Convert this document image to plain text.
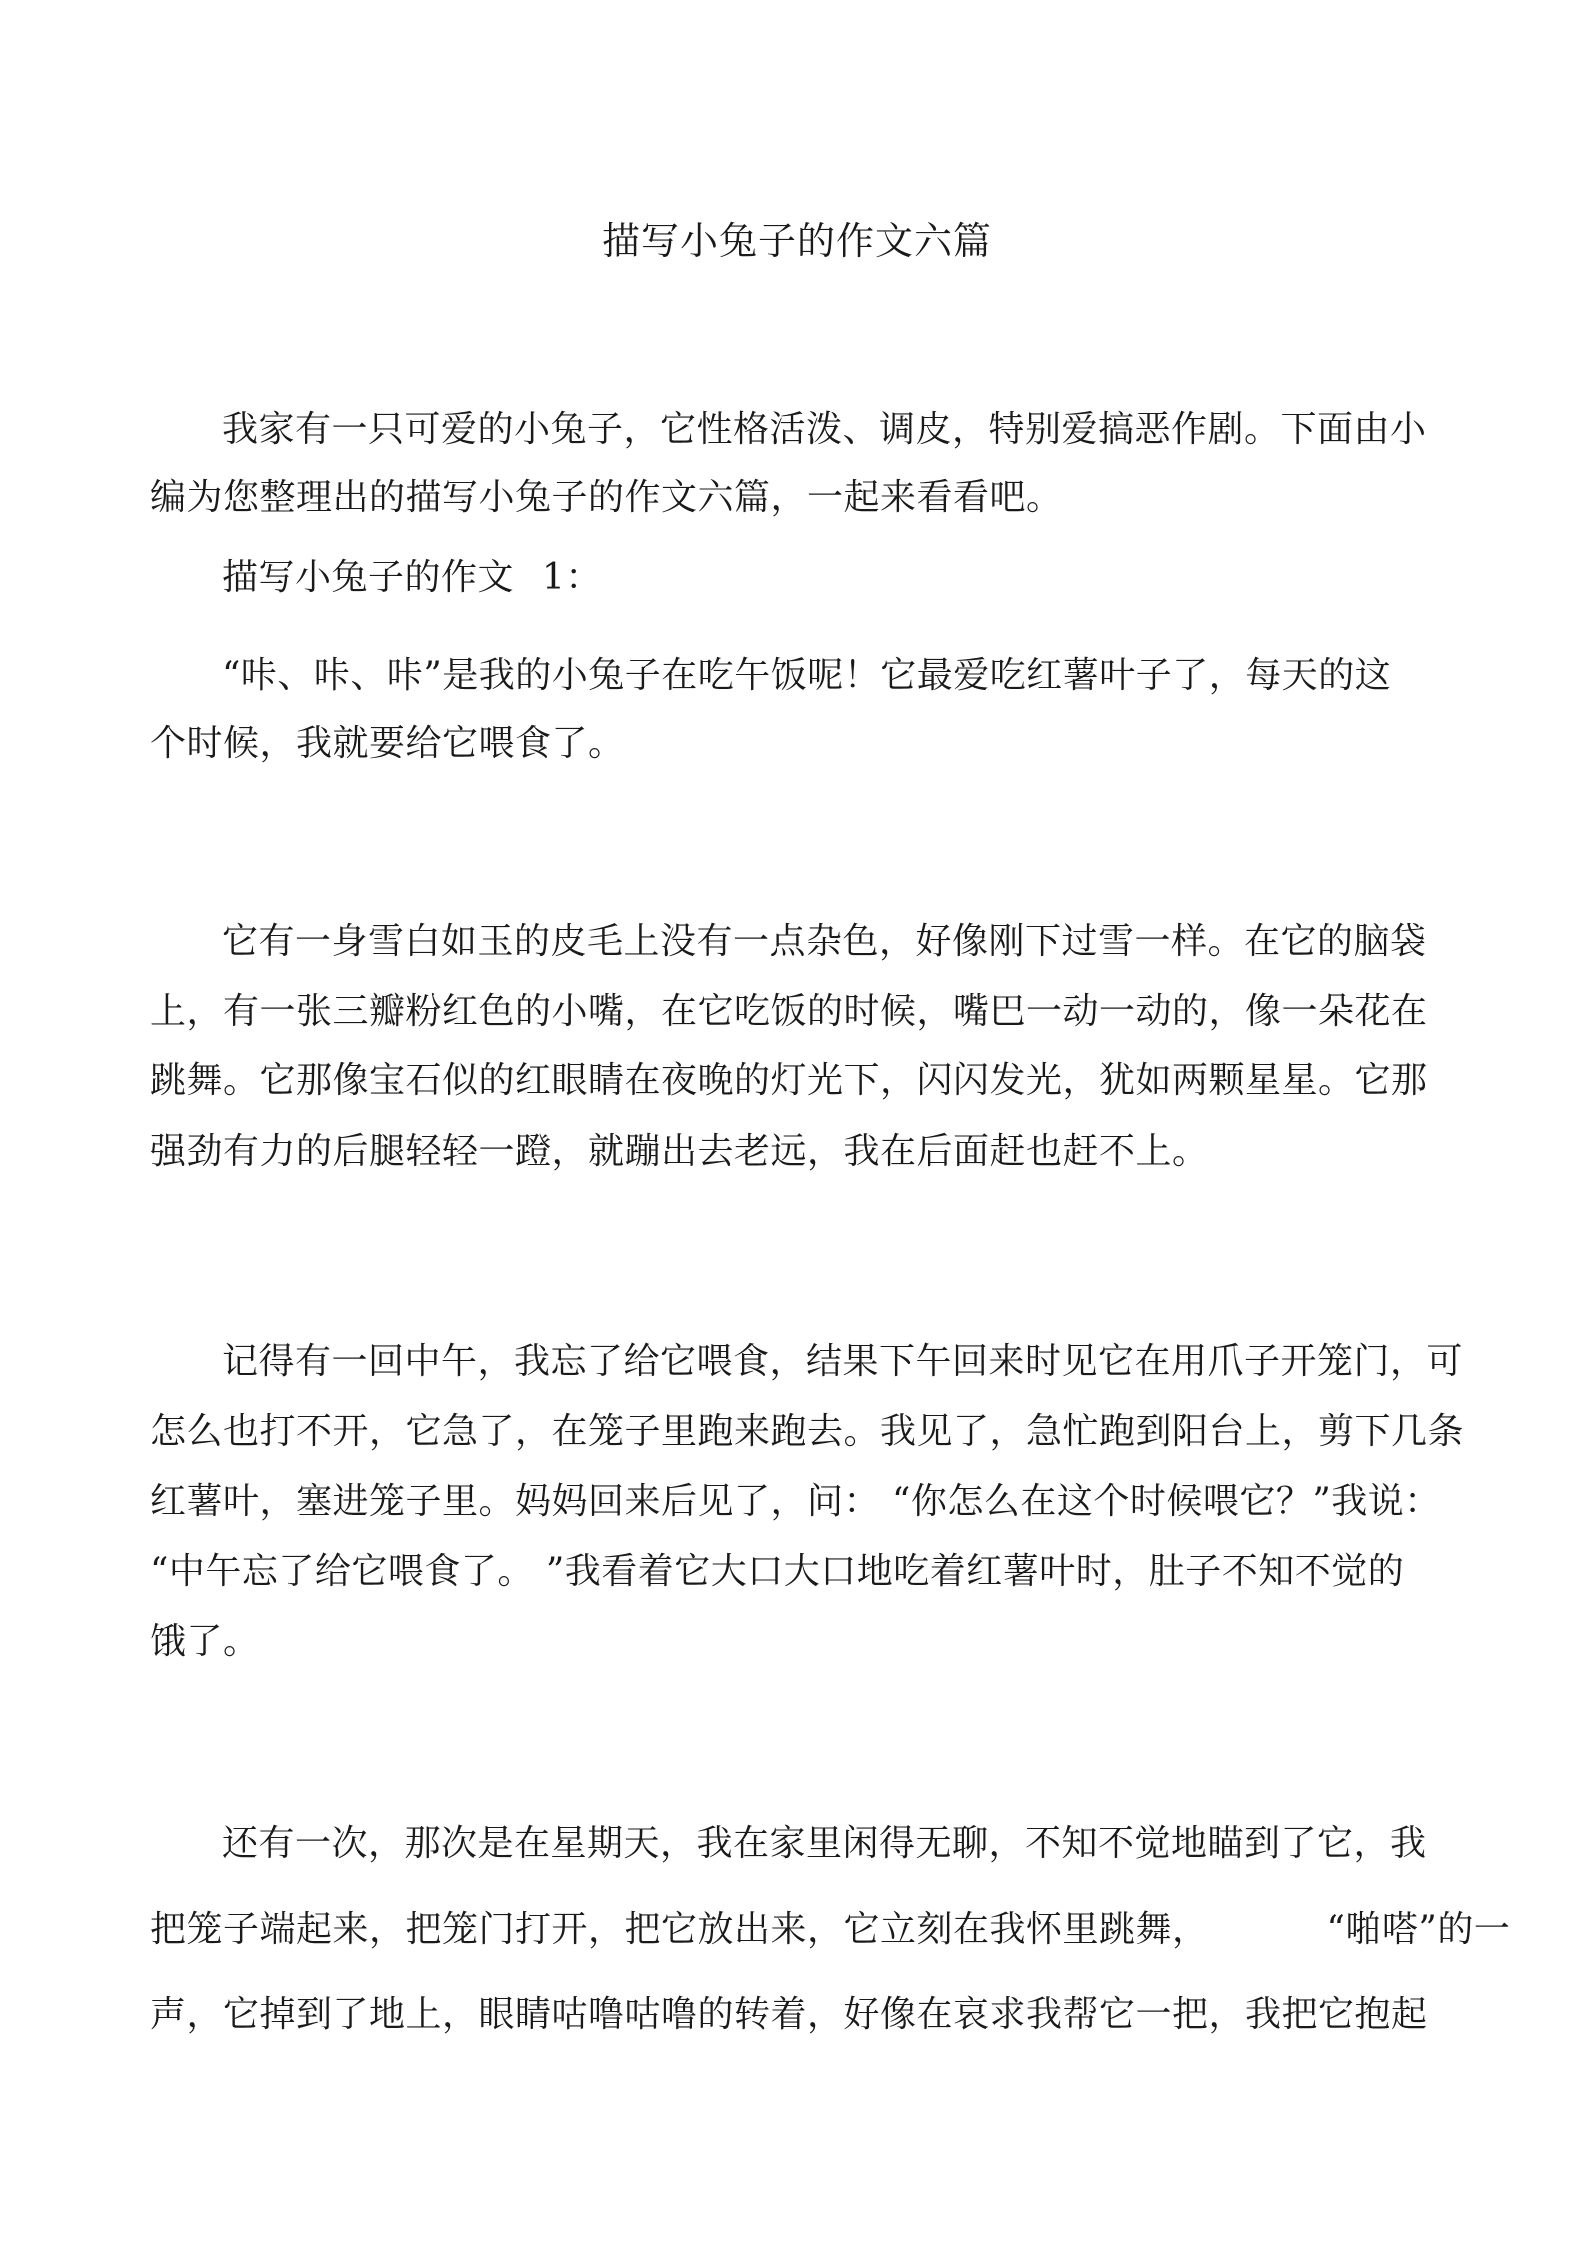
描写小兔子的作文六篇
我家有一只可爱的小兔子，它性格活泼、调皮，特别爱搞恶作剧。下面由小
编为您整理出的描写小兔子的作文六篇，一起来看看吧。
描写小兔子的作文 1：
“咔、咔、咔”是我的小兔子在吃午饭呢！它最爱吃红薯叶子了，每天的这
个时候，我就要给它喂食了。
它有一身雪白如玉的皮毛上没有一点杂色，好像刚下过雪一样。在它的脑袋
上，有一张三瓣粉红色的小嘴，在它吃饭的时候，嘴巴一动一动的，像一朵花在
跳舞。它那像宝石似的红眼睛在夜晚的灯光下，闪闪发光，犹如两颗星星。它那
强劲有力的后腿轻轻一蹬，就蹦出去老远，我在后面赶也赶不上。
记得有一回中午，我忘了给它喂食，结果下午回来时见它在用爪子开笼门，可
怎么也打不开，它急了，在笼子里跑来跑去。我见了，急忙跑到阳台上，剪下几条
红薯叶，塞进笼子里。妈妈回来后见了，问： “你怎么在这个时候喂它？”我说：
“中午忘了给它喂食了。 ”我看着它大口大口地吃着红薯叶时，肚子不知不觉的
饿了。
还有一次，那次是在星期天，我在家里闲得无聊，不知不觉地瞄到了它，我
把笼子端起来，把笼门打开，把它放出来，它立刻在我怀里跳舞，	“啪嗒”的一
声，它掉到了地上，眼睛咕噜咕噜的转着，好像在哀求我帮它一把，我把它抱起
